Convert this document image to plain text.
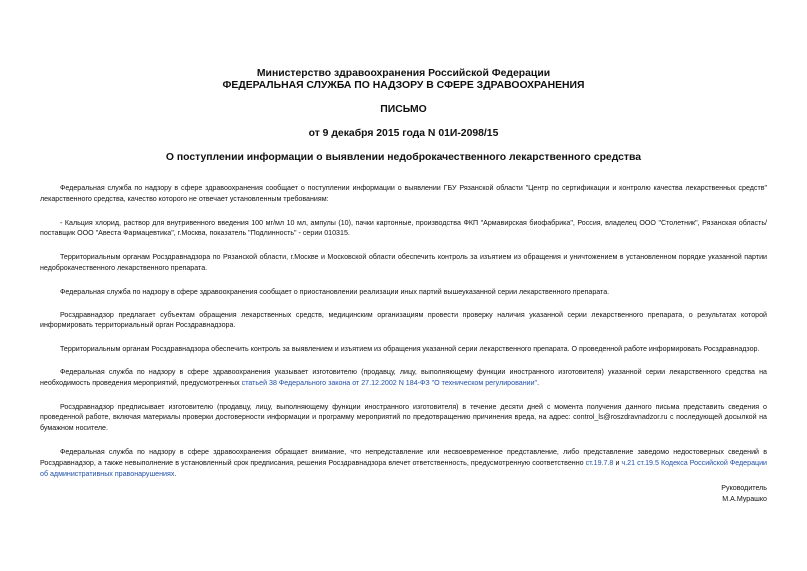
Министерство здравоохранения Российской Федерации
ФЕДЕРАЛЬНАЯ СЛУЖБА ПО НАДЗОРУ В СФЕРЕ ЗДРАВООХРАНЕНИЯ
ПИСЬМО
от 9 декабря 2015 года N 01И-2098/15
О поступлении информации о выявлении недоброкачественного лекарственного средства

Федеральная служба по надзору в сфере здравоохранения сообщает о поступлении информации о выявлении ГБУ Рязанской области "Центр по сертификации и контролю качества лекарственных средств" лекарственного средства, качество которого не отвечает установленным требованиям:

- Кальция хлорид, раствор для внутривенного введения 100 мг/мл 10 мл, ампулы (10), пачки картонные, производства ФКП "Армавирская биофабрика", Россия, владелец ООО "Столетник", Рязанская область/поставщик ООО "Авеста Фармацевтика", г.Москва, показатель "Подлинность" - серии 010315.

Территориальным органам Росздравнадзора по Рязанской области, г.Москве и Московской области обеспечить контроль за изъятием из обращения и уничтожением в установленном порядке указанной партии недоброкачественного лекарственного препарата.

Федеральная служба по надзору в сфере здравоохранения сообщает о приостановлении реализации иных партий вышеуказанной серии лекарственного препарата.

Росздравнадзор предлагает субъектам обращения лекарственных средств, медицинским организациям провести проверку наличия указанной серии лекарственного препарата, о результатах которой информировать территориальный орган Росздравнадзора.

Территориальным органам Росздравнадзора обеспечить контроль за выявлением и изъятием из обращения указанной серии лекарственного препарата. О проведенной работе информировать Росздравнадзор.

Федеральная служба по надзору в сфере здравоохранения указывает изготовителю (продавцу, лицу, выполняющему функции иностранного изготовителя) указанной серии лекарственного средства на необходимость проведения мероприятий, предусмотренных статьей 38 Федерального закона от 27.12.2002 N 184-ФЗ "О техническом регулировании".

Росздравнадзор предписывает изготовителю (продавцу, лицу, выполняющему функции иностранного изготовителя) в течение десяти дней с момента получения данного письма представить сведения о проведенной работе, включая материалы проверки достоверности информации и программу мероприятий по предотвращению причинения вреда, на адрес: control_ls@roszdravnadzor.ru с последующей досылкой на бумажном носителе.

Федеральная служба по надзору в сфере здравоохранения обращает внимание, что непредставление или несвоевременное представление, либо представление заведомо недостоверных сведений в Росздравнадзор, а также невыполнение в установленный срок предписания, решения Росздравнадзора влечет ответственность, предусмотренную соответственно ст.19.7.8 и ч.21 ст.19.5 Кодекса Российской Федерации об административных правонарушениях.

Руководитель
М.А.Мурашко
